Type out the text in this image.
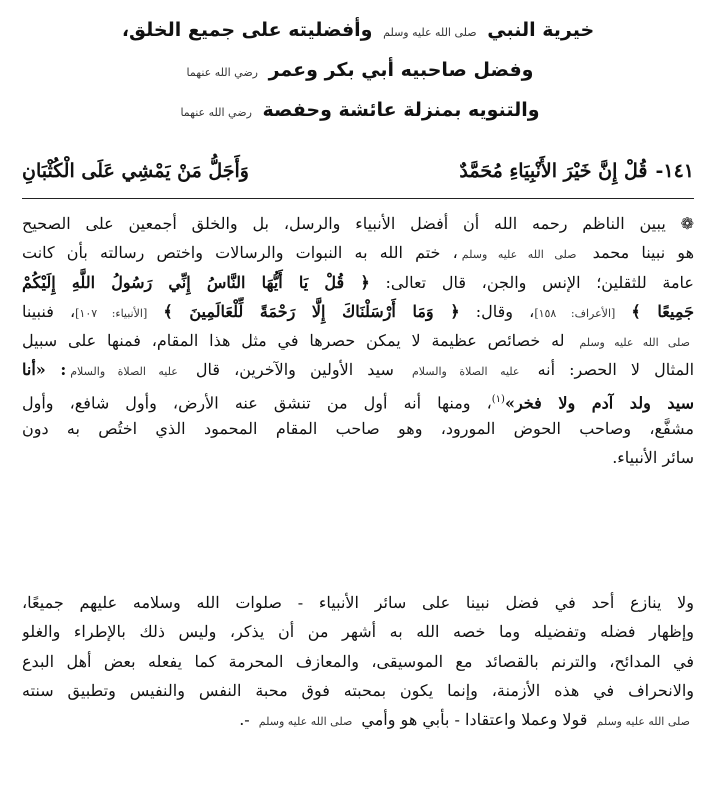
خيرية النبي صلى الله عليه وسلم وأفضليته على جميع الخلق،
وفضل صاحبيه أبي بكر وعمر رضي الله عنهما
والتنويه بمنزلة عائشة وحفصة رضي الله عنهما
١٤١-
قُلْ إِنَّ خَيْرَ الأَنْبِيَاءِ مُحَمَّدٌ
وَأَجَلُّ مَنْ يَمْشِي عَلَى الْكُثْبَانِ
❁ يبين الناظم رحمه الله أن أفضل الأنبياء والرسل، بل والخلق أجمعين على الصحيح
هو نبينا محمد صلى الله عليه وسلم، ختم الله به النبوات والرسالات واختص رسالته بأن كانت
عامة للثقلين؛ الإنس والجن، قال تعالى: ﴿ قُلْ يَا أَيُّهَا النَّاسُ إِنِّي رَسُولُ اللَّهِ إِلَيْكُمْ
جَمِيعًا ﴾ [الأعراف: ١٥٨]، وقال: ﴿ وَمَا أَرْسَلْنَاكَ إِلَّا رَحْمَةً لِّلْعَالَمِينَ ﴾ [الأنبياء: ١٠٧]، فنبينا
صلى الله عليه وسلم له خصائص عظيمة لا يمكن حصرها في مثل هذا المقام، فمنها على سبيل
المثال لا الحصر: أنه عليه الصلاة والسلام سيد الأولين والآخرين، قال عليه الصلاة والسلام: «أنا
سيد ولد آدم ولا فخر»$^{(١)}$، ومنها أنه أول من تنشق عنه الأرض، وأول شافع، وأول
مشفَّع، وصاحب الحوض المورود، وهو صاحب المقام المحمود الذي اختُص به دون
سائر الأنبياء.
ولا ينازع أحد في فضل نبينا على سائر الأنبياء - صلوات الله وسلامه عليهم جميعًا،
وإظهار فضله وتفضيله وما خصه الله به أشهر من أن يذكر، وليس ذلك بالإطراء والغلو
في المدائح، والترنم بالقصائد مع الموسيقى، والمعازف المحرمة كما يفعله بعض أهل البدع
والانحراف في هذه الأزمنة، وإنما يكون بمحبته فوق محبة النفس والنفيس وتطبيق سنته
صلى الله عليه وسلم قولا وعملا واعتقادا - بأبي هو وأمي صلى الله عليه وسلم -.
